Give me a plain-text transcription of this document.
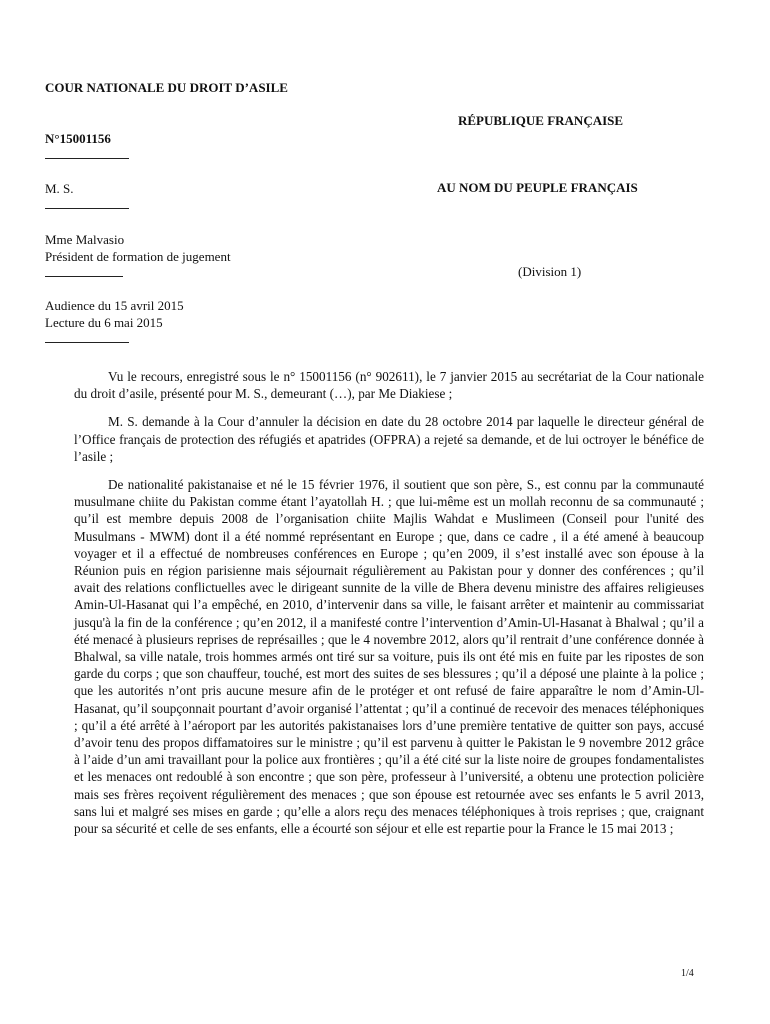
COUR NATIONALE DU DROIT D’ASILE
N°15001156
M. S.
Mme Malvasio
Président de formation de jugement
Audience du 15 avril 2015
Lecture du 6 mai 2015
RÉPUBLIQUE FRANÇAISE
AU NOM DU PEUPLE FRANÇAIS
(Division 1)

Vu le recours, enregistré sous le n° 15001156 (n° 902611), le 7 janvier 2015 au secrétariat de la Cour nationale du droit d’asile, présenté pour M. S., demeurant (…), par Me Diakiese ;

M. S. demande à la Cour d’annuler la décision en date du 28 octobre 2014 par laquelle le directeur général de l’Office français de protection des réfugiés et apatrides (OFPRA) a rejeté sa demande, et de lui octroyer le bénéfice de l’asile ;

De nationalité pakistanaise et né le 15 février 1976, il soutient que son père, S., est connu par la communauté musulmane chiite du Pakistan comme étant l’ayatollah H. ; que lui-même est un mollah reconnu de sa communauté ; qu’il est membre depuis 2008 de l’organisation chiite Majlis Wahdat e Muslimeen (Conseil pour l'unité des Musulmans - MWM) dont il a été nommé représentant en Europe ; que, dans ce cadre , il a été amené à beaucoup voyager et il a effectué de nombreuses conférences en Europe ; qu’en 2009, il s’est installé avec son épouse à la Réunion puis en région parisienne mais séjournait régulièrement au Pakistan pour y donner des conférences ; qu’il avait des relations conflictuelles avec le dirigeant sunnite de la ville de Bhera devenu ministre des affaires religieuses Amin-Ul-Hasanat qui l’a empêché, en 2010, d’intervenir dans sa ville, le faisant arrêter et maintenir au commissariat jusqu'à la fin de la conférence ; qu’en 2012, il a manifesté contre l’intervention d’Amin-Ul-Hasanat à Bhalwal ; qu’il a été menacé à plusieurs reprises de représailles ; que le 4 novembre 2012, alors qu’il rentrait d’une conférence donnée à Bhalwal, sa ville natale, trois hommes armés ont tiré sur sa voiture, puis ils ont été mis en fuite par les ripostes de son garde du corps ; que son chauffeur, touché, est mort des suites de ses blessures ; qu’il a déposé une plainte à la police ; que les autorités n’ont pris aucune mesure afin de le protéger et ont refusé de faire apparaître le nom d’Amin-Ul-Hasanat, qu’il soupçonnait pourtant d’avoir organisé l’attentat ; qu’il a continué de recevoir des menaces téléphoniques ; qu’il a été arrêté à l’aéroport par les autorités pakistanaises lors d’une première tentative de quitter son pays, accusé d’avoir tenu des propos diffamatoires sur le ministre ; qu’il est parvenu à quitter le Pakistan le 9 novembre 2012 grâce à l’aide d’un ami travaillant pour la police aux frontières ; qu’il a été cité sur la liste noire de groupes fondamentalistes et les menaces ont redoublé à son encontre ; que son père, professeur à l’université, a obtenu une protection policière mais ses frères reçoivent régulièrement des menaces ; que son épouse est retournée avec ses enfants le 5 avril 2013, sans lui et malgré ses mises en garde ; qu’elle a alors reçu des menaces téléphoniques à trois reprises ; que, craignant pour sa sécurité et celle de ses enfants, elle a écourté son séjour et elle est repartie pour la France le 15 mai 2013 ;

1/4
